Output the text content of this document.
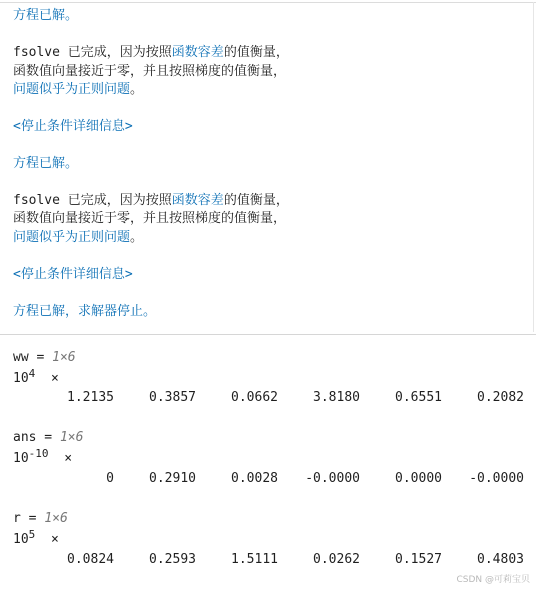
方程已解。
fsolve 已完成，因为按照函数容差的值衡量，
函数值向量接近于零，并且按照梯度的值衡量，
问题似乎为正则问题。
<停止条件详细信息>
方程已解。
fsolve 已完成，因为按照函数容差的值衡量，
函数值向量接近于零，并且按照梯度的值衡量，
问题似乎为正则问题。
<停止条件详细信息>
方程已解，求解器停止。
ww = 1×6
$10^4$ ×
1.2135	0.3857	0.0662	3.8180	0.6551	0.2082
ans = 1×6
$10^{-10}$ ×
0	0.2910	0.0028	-0.0000	0.0000	-0.0000
r = 1×6
$10^5$ ×
0.0824	0.2593	1.5111	0.0262	0.1527	0.4803
CSDN @可莉宝贝
